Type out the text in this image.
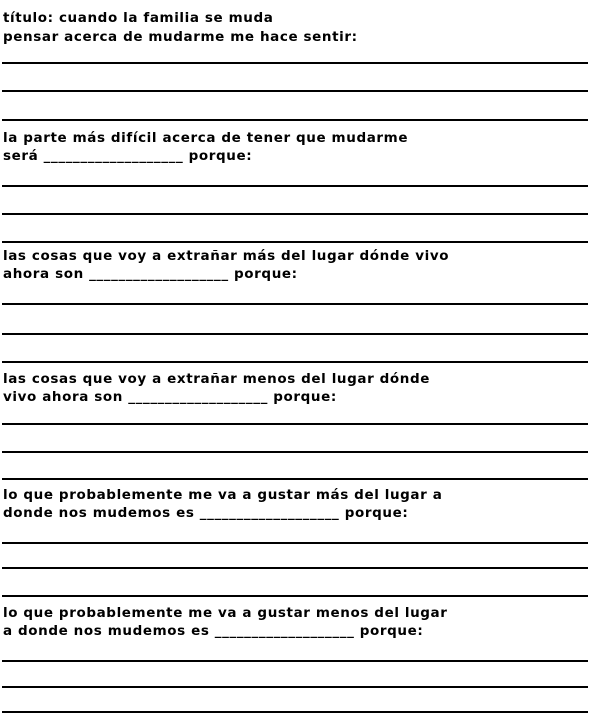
título: cuando la familia se muda
pensar acerca de mudarme me hace sentir:
la parte más difícil acerca de tener que mudarme
será ___________________ porque:
las cosas que voy a extrañar más del lugar dónde vivo
ahora son ___________________ porque:
las cosas que voy a extrañar menos del lugar dónde
vivo ahora son ___________________ porque:
lo que probablemente me va a gustar más del lugar a
donde nos mudemos es ___________________ porque:
lo que probablemente me va a gustar menos del lugar
a donde nos mudemos es ___________________ porque:
